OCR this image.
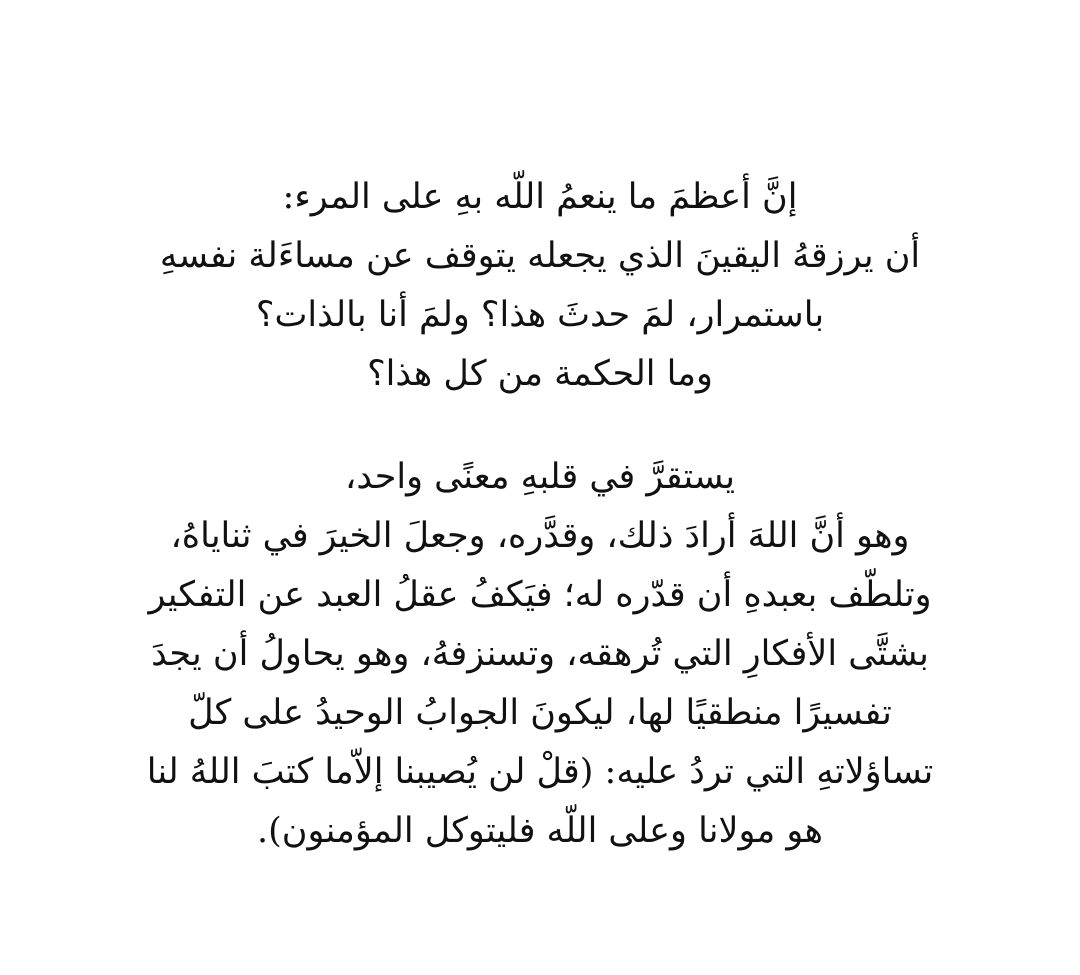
إنَّ أعظمَ ما ينعمُ اللّه بهِ على المرء:
أن يرزقهُ اليقينَ الذي يجعله يتوقف عن مساءَلة نفسهِ
باستمرار، لمَ حدثَ هذا؟ ولمَ أنا بالذات؟
وما الحكمة من كل هذا؟
يستقرَّ في قلبهِ معنًى واحد،
وهو أنَّ اللهَ أرادَ ذلك، وقدَّره، وجعلَ الخيرَ في ثناياهُ،
وتلطّف بعبدهِ أن قدّره له؛ فيَكفُ عقلُ العبد عن التفكير
بشتَّى الأفكارِ التي تُرهقه، وتسنزفهُ، وهو يحاولُ أن يجدَ
تفسيرًا منطقيًا لها، ليكونَ الجوابُ الوحيدُ على كلّ
تساؤلاتهِ التي تردُ عليه: (قلْ لن يُصيبنا إلاّما كتبَ اللهُ لنا
هو مولانا وعلى اللّه فليتوكل المؤمنون).
